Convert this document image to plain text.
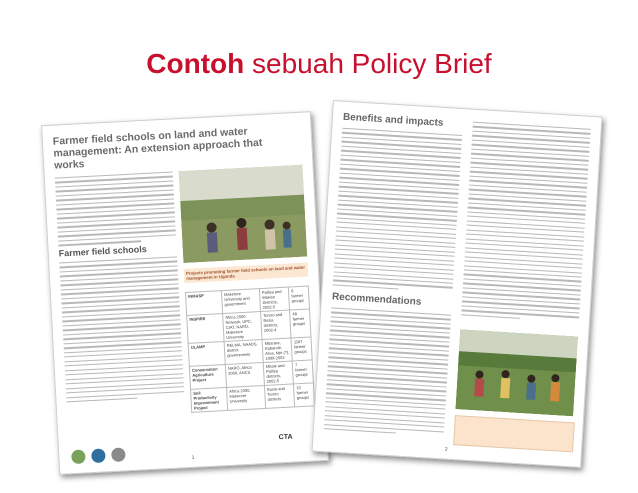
Contoh sebuah Policy Brief
Farmer field schools on land and water management: An extension approach that works
Farmer field schools
Projects promoting farmer field schools on land and water management in Uganda
INMASP	Makerere University and government	Pallisa and Wakiso Districts, 2002-5	6 farmer groups
INSPIRE	Africa 2000 Network, UPC, CIAT, NARO, Makerere University	Tororo and Busia districts, 2002-4	48 farmer groups
ULAMP	RELMA, NAADS, district governments	Mbarara, Kabarole, Arua, Mpi (?), 1999-2003	1187 farmer groups
Conservation Agriculture Project	NARO, Africa 2000, ANCS	Mbale and Pallisa districts, 2002-5	7 farmer groups
Soil Productivity Improvement Project	Africa 2000, Makerere University	Busia and Tororo districts	10 farmer groups
CTA
1
Benefits and impacts
Recommendations
2
